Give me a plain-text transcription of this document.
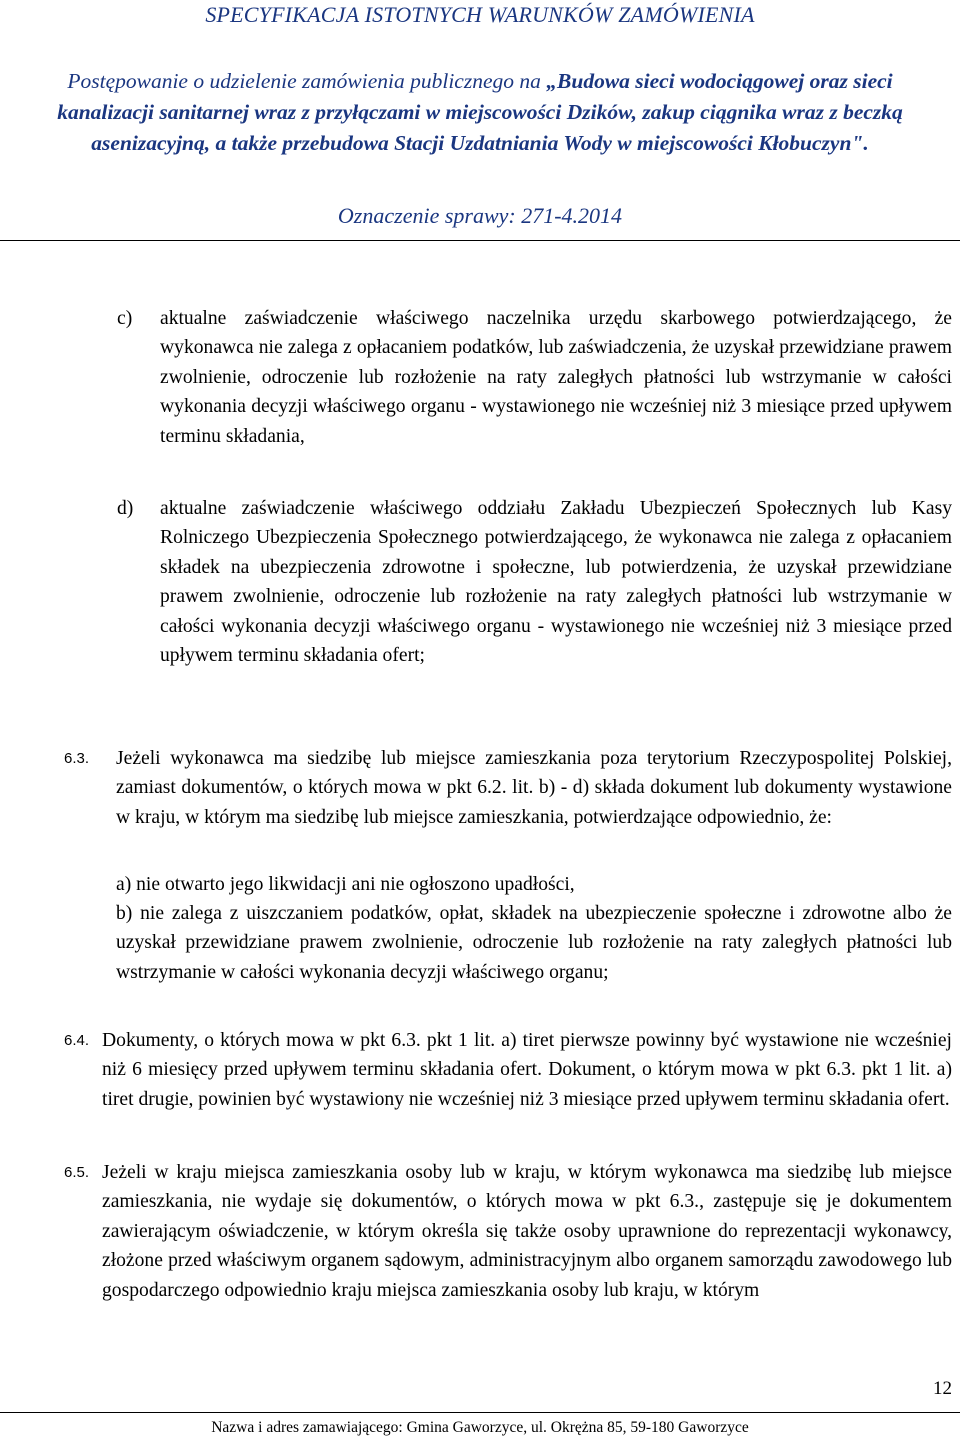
SPECYFIKACJA ISTOTNYCH WARUNKÓW ZAMÓWIENIA
Postępowanie o udzielenie zamówienia publicznego na „Budowa sieci wodociągowej oraz sieci kanalizacji sanitarnej wraz z przyłączami w miejscowości Dzików, zakup ciągnika wraz z beczką asenizacyjną, a także przebudowa Stacji Uzdatniania Wody w miejscowości Kłobuczyn".
Oznaczenie sprawy: 271-4.2014
c) aktualne zaświadczenie właściwego naczelnika urzędu skarbowego potwierdzającego, że wykonawca nie zalega z opłacaniem podatków, lub zaświadczenia, że uzyskał przewidziane prawem zwolnienie, odroczenie lub rozłożenie na raty zaległych płatności lub wstrzymanie w całości wykonania decyzji właściwego organu - wystawionego nie wcześniej niż 3 miesiące przed upływem terminu składania,
d) aktualne zaświadczenie właściwego oddziału Zakładu Ubezpieczeń Społecznych lub Kasy Rolniczego Ubezpieczenia Społecznego potwierdzającego, że wykonawca nie zalega z opłacaniem składek na ubezpieczenia zdrowotne i społeczne, lub potwierdzenia, że uzyskał przewidziane prawem zwolnienie, odroczenie lub rozłożenie na raty zaległych płatności lub wstrzymanie w całości wykonania decyzji właściwego organu - wystawionego nie wcześniej niż 3 miesiące przed upływem terminu składania ofert;
6.3. Jeżeli wykonawca ma siedzibę lub miejsce zamieszkania poza terytorium Rzeczypospolitej Polskiej, zamiast dokumentów, o których mowa w pkt 6.2. lit. b) - d) składa dokument lub dokumenty wystawione w kraju, w którym ma siedzibę lub miejsce zamieszkania, potwierdzające odpowiednio, że:
a) nie otwarto jego likwidacji ani nie ogłoszono upadłości,
b) nie zalega z uiszczaniem podatków, opłat, składek na ubezpieczenie społeczne i zdrowotne albo że uzyskał przewidziane prawem zwolnienie, odroczenie lub rozłożenie na raty zaległych płatności lub wstrzymanie w całości wykonania decyzji właściwego organu;
6.4. Dokumenty, o których mowa w pkt 6.3. pkt 1 lit. a) tiret pierwsze powinny być wystawione nie wcześniej niż 6 miesięcy przed upływem terminu składania ofert. Dokument, o którym mowa w pkt 6.3. pkt 1 lit. a) tiret drugie, powinien być wystawiony nie wcześniej niż 3 miesiące przed upływem terminu składania ofert.
6.5. Jeżeli w kraju miejsca zamieszkania osoby lub w kraju, w którym wykonawca ma siedzibę lub miejsce zamieszkania, nie wydaje się dokumentów, o których mowa w pkt 6.3., zastępuje się je dokumentem zawierającym oświadczenie, w którym określa się także osoby uprawnione do reprezentacji wykonawcy, złożone przed właściwym organem sądowym, administracyjnym albo organem samorządu zawodowego lub gospodarczego odpowiednio kraju miejsca zamieszkania osoby lub kraju, w którym
12
Nazwa i adres zamawiającego: Gmina Gaworzyce, ul. Okrężna 85, 59-180 Gaworzyce
